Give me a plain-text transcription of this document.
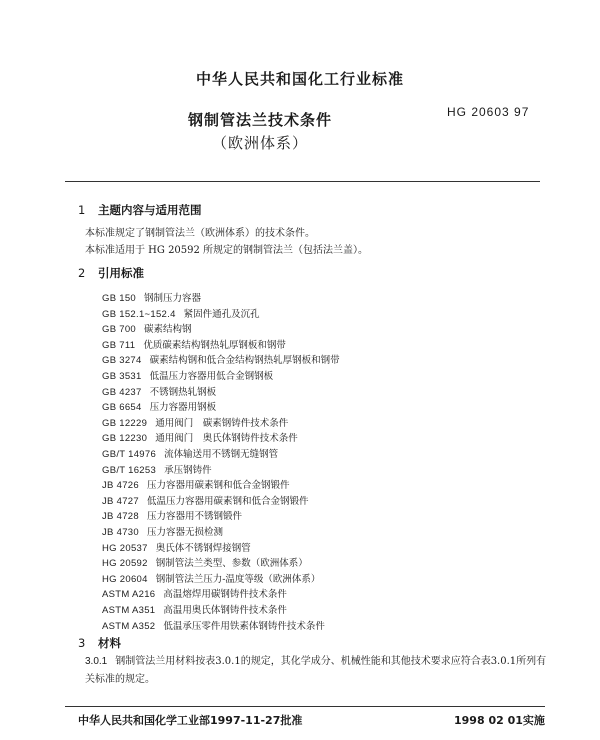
中华人民共和国化工行业标准
钢制管法兰技术条件	HG 20603 97
（欧洲体系）
1 主题内容与适用范围
本标准规定了钢制管法兰（欧洲体系）的技术条件。
本标准适用于 HG 20592 所规定的钢制管法兰（包括法兰盖）。
2 引用标准
GB 150 钢制压力容器
GB 152.1~152.4 紧固件通孔及沉孔
GB 700 碳素结构钢
GB 711 优质碳素结构钢热轧厚钢板和钢带
GB 3274 碳素结构钢和低合金结构钢热轧厚钢板和钢带
GB 3531 低温压力容器用低合金钢钢板
GB 4237 不锈钢热轧钢板
GB 6654 压力容器用钢板
GB 12229 通用阀门　碳素钢铸件技术条件
GB 12230 通用阀门　奥氏体钢铸件技术条件
GB/T 14976 流体输送用不锈钢无缝钢管
GB/T 16253 承压钢铸件
JB 4726 压力容器用碳素钢和低合金钢锻件
JB 4727 低温压力容器用碳素钢和低合金钢锻件
JB 4728 压力容器用不锈钢锻件
JB 4730 压力容器无损检测
HG 20537 奥氏体不锈钢焊接钢管
HG 20592 钢制管法兰类型、参数（欧洲体系）
HG 20604 钢制管法兰压力-温度等级（欧洲体系）
ASTM A216 高温熔焊用碳钢铸件技术条件
ASTM A351 高温用奥氏体钢铸件技术条件
ASTM A352 低温承压零件用铁素体钢铸件技术条件
3 材料
3.0.1 钢制管法兰用材料按表3.0.1的规定，其化学成分、机械性能和其他技术要求应符合表3.0.1所列有关标准的规定。
中华人民共和国化学工业部1997-11-27批准	1998 02 01实施
